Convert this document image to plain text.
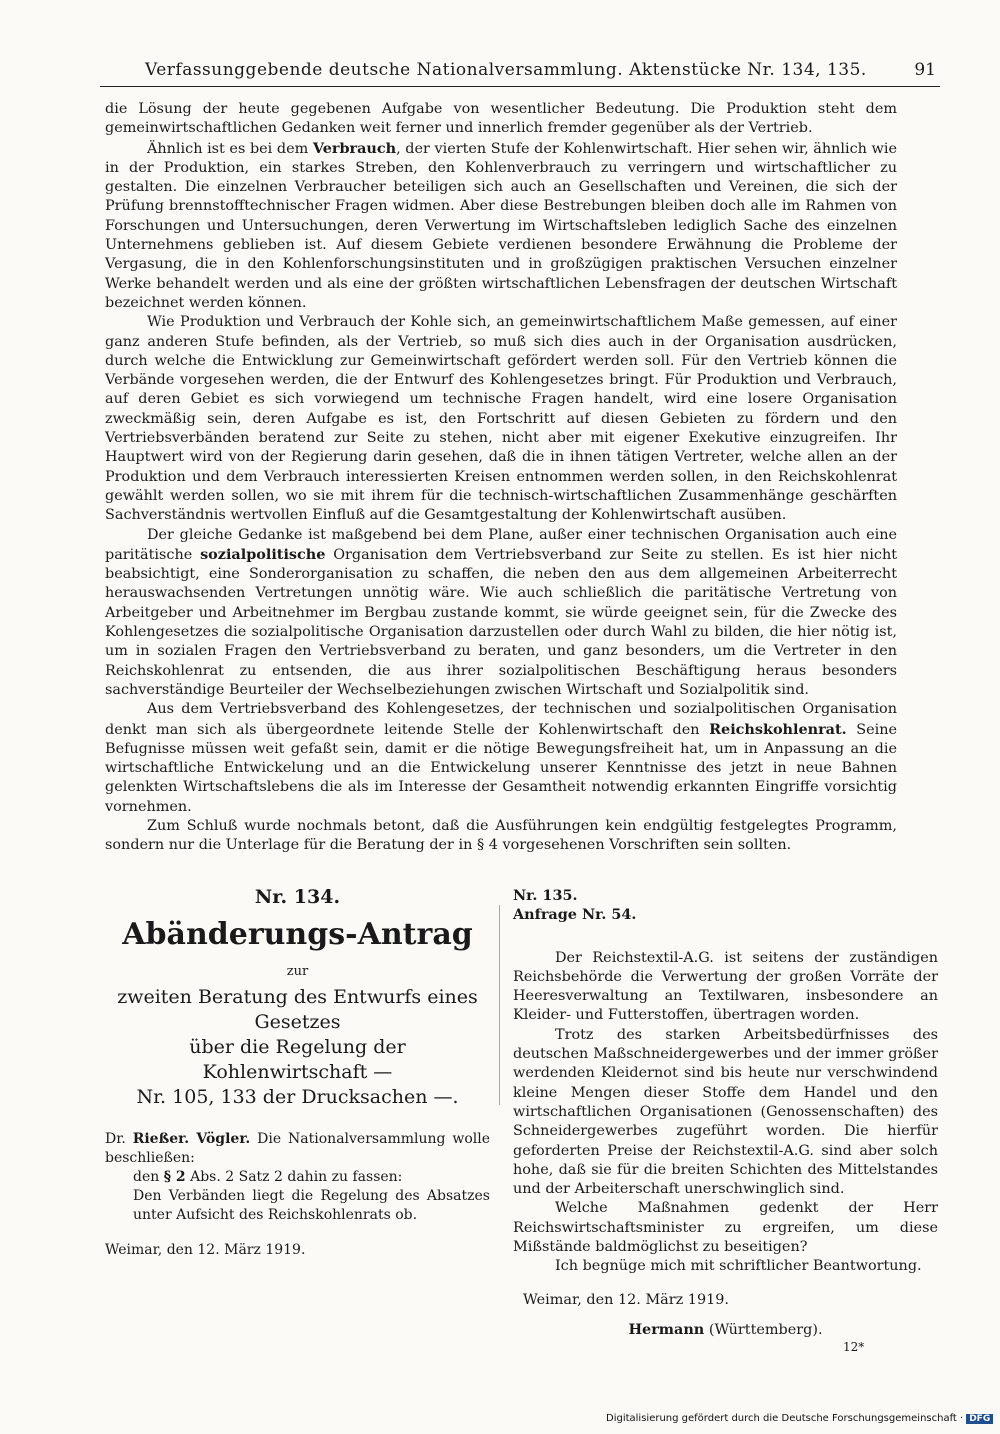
Verfassunggebende deutsche Nationalversammlung. Aktenstücke Nr. 134, 135.	91

die Lösung der heute gegebenen Aufgabe von wesentlicher Bedeutung. Die Produktion steht dem gemeinwirtschaftlichen Gedanken weit ferner und innerlich fremder gegenüber als der Vertrieb.

Ähnlich ist es bei dem Verbrauch, der vierten Stufe der Kohlenwirtschaft. Hier sehen wir, ähnlich wie in der Produktion, ein starkes Streben, den Kohlenverbrauch zu verringern und wirtschaftlicher zu gestalten. Die einzelnen Verbraucher beteiligen sich auch an Gesellschaften und Vereinen, die sich der Prüfung brennstofftechnischer Fragen widmen. Aber diese Bestrebungen bleiben doch alle im Rahmen von Forschungen und Untersuchungen, deren Verwertung im Wirtschaftsleben lediglich Sache des einzelnen Unternehmens geblieben ist. Auf diesem Gebiete verdienen besondere Erwähnung die Probleme der Vergasung, die in den Kohlenforschungsinstituten und in großzügigen praktischen Versuchen einzelner Werke behandelt werden und als eine der größten wirtschaftlichen Lebensfragen der deutschen Wirtschaft bezeichnet werden können.

Wie Produktion und Verbrauch der Kohle sich, an gemeinwirtschaftlichem Maße gemessen, auf einer ganz anderen Stufe befinden, als der Vertrieb, so muß sich dies auch in der Organisation ausdrücken, durch welche die Entwicklung zur Gemeinwirtschaft gefördert werden soll. Für den Vertrieb können die Verbände vorgesehen werden, die der Entwurf des Kohlengesetzes bringt. Für Produktion und Verbrauch, auf deren Gebiet es sich vorwiegend um technische Fragen handelt, wird eine losere Organisation zweckmäßig sein, deren Aufgabe es ist, den Fortschritt auf diesen Gebieten zu fördern und den Vertriebsverbänden beratend zur Seite zu stehen, nicht aber mit eigener Exekutive einzugreifen. Ihr Hauptwert wird von der Regierung darin gesehen, daß die in ihnen tätigen Vertreter, welche allen an der Produktion und dem Verbrauch interessierten Kreisen entnommen werden sollen, in den Reichskohlenrat gewählt werden sollen, wo sie mit ihrem für die technisch-wirtschaftlichen Zusammenhänge geschärften Sachverständnis wertvollen Einfluß auf die Gesamtgestaltung der Kohlenwirtschaft ausüben.

Der gleiche Gedanke ist maßgebend bei dem Plane, außer einer technischen Organisation auch eine paritätische sozialpolitische Organisation dem Vertriebsverband zur Seite zu stellen. Es ist hier nicht beabsichtigt, eine Sonderorganisation zu schaffen, die neben den aus dem allgemeinen Arbeiterrecht herauswachsenden Vertretungen unnötig wäre. Wie auch schließlich die paritätische Vertretung von Arbeitgeber und Arbeitnehmer im Bergbau zustande kommt, sie würde geeignet sein, für die Zwecke des Kohlengesetzes die sozialpolitische Organisation darzustellen oder durch Wahl zu bilden, die hier nötig ist, um in sozialen Fragen den Vertriebsverband zu beraten, und ganz besonders, um die Vertreter in den Reichskohlenrat zu entsenden, die aus ihrer sozialpolitischen Beschäftigung heraus besonders sachverständige Beurteiler der Wechselbeziehungen zwischen Wirtschaft und Sozialpolitik sind.

Aus dem Vertriebsverband des Kohlengesetzes, der technischen und sozialpolitischen Organisation denkt man sich als übergeordnete leitende Stelle der Kohlenwirtschaft den Reichskohlenrat. Seine Befugnisse müssen weit gefaßt sein, damit er die nötige Bewegungsfreiheit hat, um in Anpassung an die wirtschaftliche Entwickelung und an die Entwickelung unserer Kenntnisse des jetzt in neue Bahnen gelenkten Wirtschaftslebens die als im Interesse der Gesamtheit notwendig erkannten Eingriffe vorsichtig vornehmen.

Zum Schluß wurde nochmals betont, daß die Ausführungen kein endgültig festgelegtes Programm, sondern nur die Unterlage für die Beratung der in § 4 vorgesehenen Vorschriften sein sollten.

Nr. 134.

Abänderungs-Antrag

zur

zweiten Beratung des Entwurfs eines Gesetzes

über die Regelung der Kohlenwirtschaft —

Nr. 105, 133 der Drucksachen —.

Dr. Rießer. Vögler. Die Nationalversammlung wolle beschließen:

den § 2 Abs. 2 Satz 2 dahin zu fassen:

Den Verbänden liegt die Regelung des Absatzes unter Aufsicht des Reichskohlenrats ob.

Weimar, den 12. März 1919.

Nr. 135.

Anfrage Nr. 54.

Der Reichstextil-A.G. ist seitens der zuständigen Reichsbehörde die Verwertung der großen Vorräte der Heeresverwaltung an Textilwaren, insbesondere an Kleider- und Futterstoffen, übertragen worden.

Trotz des starken Arbeitsbedürfnisses des deutschen Maßschneidergewerbes und der immer größer werdenden Kleidernot sind bis heute nur verschwindend kleine Mengen dieser Stoffe dem Handel und den wirtschaftlichen Organisationen (Genossenschaften) des Schneidergewerbes zugeführt worden. Die hierfür geforderten Preise der Reichstextil-A.G. sind aber solch hohe, daß sie für die breiten Schichten des Mittelstandes und der Arbeiterschaft unerschwinglich sind.

Welche Maßnahmen gedenkt der Herr Reichswirtschaftsminister zu ergreifen, um diese Mißstände baldmöglichst zu beseitigen?

Ich begnüge mich mit schriftlicher Beantwortung.

Weimar, den 12. März 1919.

Hermann (Württemberg).

12*
Digitalisierung gefördert durch die Deutsche Forschungsgemeinschaft · DFG
